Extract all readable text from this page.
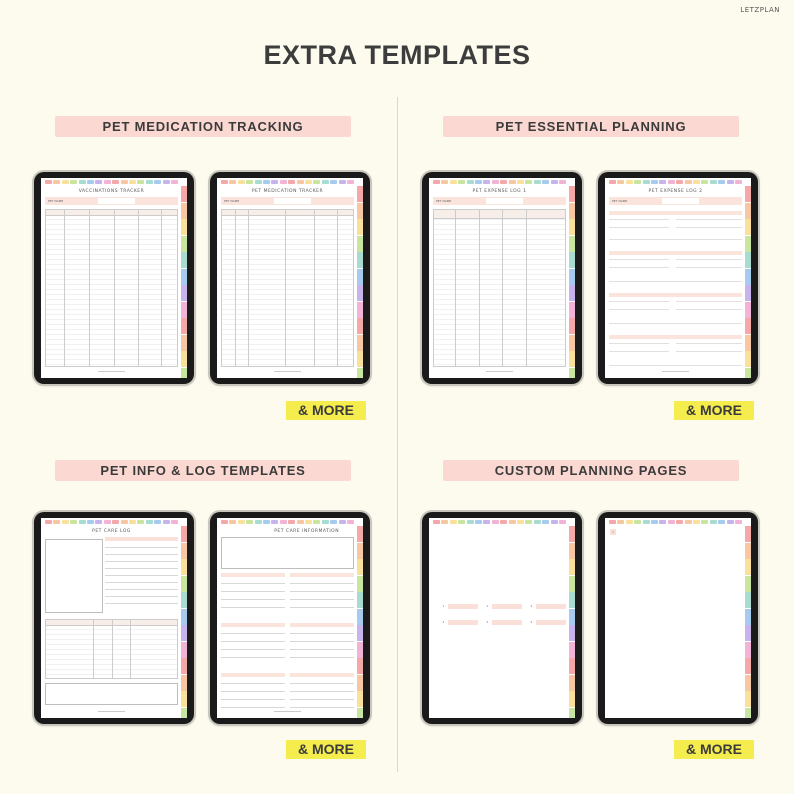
LETZPLAN
EXTRA TEMPLATES
PET MEDICATION TRACKING
VACCINATIONS TRACKER
PET NAME
PET MEDICATION TRACKER
PET NAME
& MORE
PET ESSENTIAL PLANNING
PET EXPENSE LOG 1
PET NAME
PET EXPENSE LOG 2
PET NAME
& MORE
PET INFO & LOG TEMPLATES
PET CARE LOG	PET CARE INFORMATION
& MORE
CUSTOM PLANNING PAGES
1	2	3
4	5	6
1
& MORE
